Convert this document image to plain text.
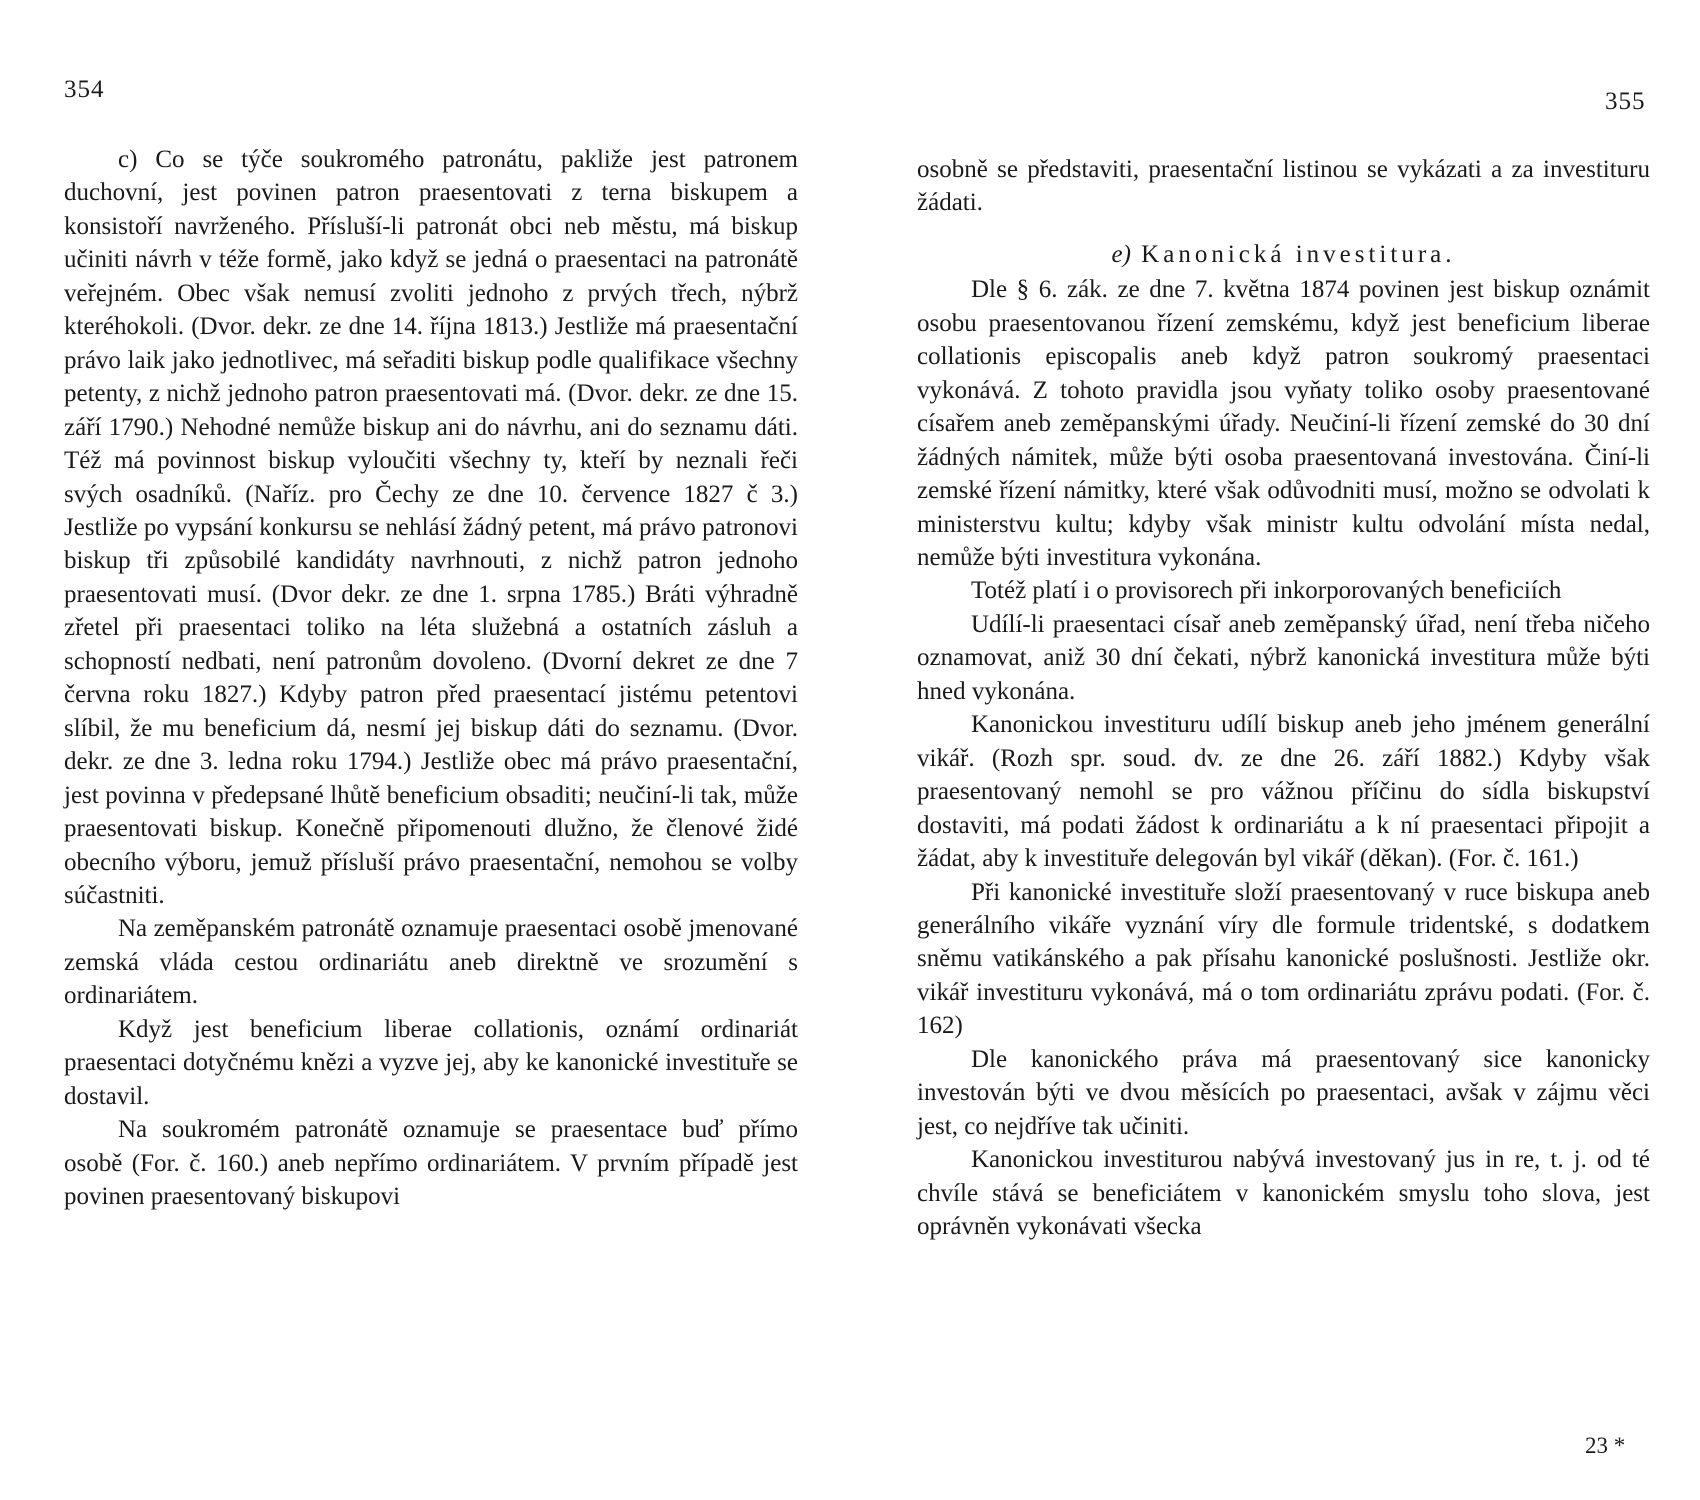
354

c) Co se týče soukromého patronátu, pakliže jest patronem duchovní, jest povinen patron praesentovati z terna biskupem a konsistoří navrženého. Přísluší-li patronát obci neb městu, má biskup učiniti návrh v téže formě, jako když se jedná o praesentaci na patronátě veřejném. Obec však nemusí zvoliti jednoho z prvých třech, nýbrž kteréhokoli. (Dvor. dekr. ze dne 14. října 1813.) Jestliže má praesentační právo laik jako jednotlivec, má seřaditi biskup podle qualifikace všechny petenty, z nichž jednoho patron praesentovati má. (Dvor. dekr. ze dne 15. září 1790.) Nehodné nemůže biskup ani do návrhu, ani do seznamu dáti. Též má povinnost biskup vyloučiti všechny ty, kteří by neznali řeči svých osadníků. (Naříz. pro Čechy ze dne 10. července 1827 č 3.) Jestliže po vypsání konkursu se nehlásí žádný petent, má právo patronovi biskup tři způsobilé kandidáty navrhnouti, z nichž patron jednoho praesentovati musí. (Dvor dekr. ze dne 1. srpna 1785.) Bráti výhradně zřetel při praesentaci toliko na léta služebná a ostatních zásluh a schopností nedbati, není patronům dovoleno. (Dvorní dekret ze dne 7 června roku 1827.) Kdyby patron před praesentací jistému petentovi slíbil, že mu beneficium dá, nesmí jej biskup dáti do seznamu. (Dvor. dekr. ze dne 3. ledna roku 1794.) Jestliže obec má právo praesentační, jest povinna v předepsané lhůtě beneficium obsaditi; neučiní-li tak, může praesentovati biskup. Konečně připomenouti dlužno, že členové židé obecního výboru, jemuž přísluší právo praesentační, nemohou se volby súčastniti.

Na zeměpanském patronátě oznamuje praesentaci osobě jmenované zemská vláda cestou ordinariátu aneb direktně ve srozumění s ordinariátem.

Když jest beneficium liberae collationis, oznámí ordinariát praesentaci dotyčnému knězi a vyzve jej, aby ke kanonické investituře se dostavil.

Na soukromém patronátě oznamuje se praesentace buď přímo osobě (For. č. 160.) aneb nepřímo ordinariátem. V prvním případě jest povinen praesentovaný biskupovi

355

osobně se představiti, praesentační listinou se vykázati a za investituru žádati.

e) Kanonická investitura.

Dle § 6. zák. ze dne 7. května 1874 povinen jest biskup oznámit osobu praesentovanou řízení zemskému, když jest beneficium liberae collationis episcopalis aneb když patron soukromý praesentaci vykonává. Z tohoto pravidla jsou vyňaty toliko osoby praesentované císařem aneb zeměpanskými úřady. Neučiní-li řízení zemské do 30 dní žádných námitek, může býti osoba praesentovaná investována. Činí-li zemské řízení námitky, které však odůvodniti musí, možno se odvolati k ministerstvu kultu; kdyby však ministr kultu odvolání místa nedal, nemůže býti investitura vykonána.

Totéž platí i o provisorech při inkorporovaných beneficiích

Udílí-li praesentaci císař aneb zeměpanský úřad, není třeba ničeho oznamovat, aniž 30 dní čekati, nýbrž kanonická investitura může býti hned vykonána.

Kanonickou investituru udílí biskup aneb jeho jménem generální vikář. (Rozh spr. soud. dv. ze dne 26. září 1882.) Kdyby však praesentovaný nemohl se pro vážnou příčinu do sídla biskupství dostaviti, má podati žádost k ordinariátu a k ní praesentaci připojit a žádat, aby k investituře delegován byl vikář (děkan). (For. č. 161.)

Při kanonické investituře složí praesentovaný v ruce biskupa aneb generálního vikáře vyznání víry dle formule tridentské, s dodatkem sněmu vatikánského a pak přísahu kanonické poslušnosti. Jestliže okr. vikář investituru vykonává, má o tom ordinariátu zprávu podati. (For. č. 162)

Dle kanonického práva má praesentovaný sice kanonicky investován býti ve dvou měsících po praesentaci, avšak v zájmu věci jest, co nejdříve tak učiniti.

Kanonickou investiturou nabývá investovaný jus in re, t. j. od té chvíle stává se beneficiátem v kanonickém smyslu toho slova, jest oprávněn vykonávati všecka

23 *
